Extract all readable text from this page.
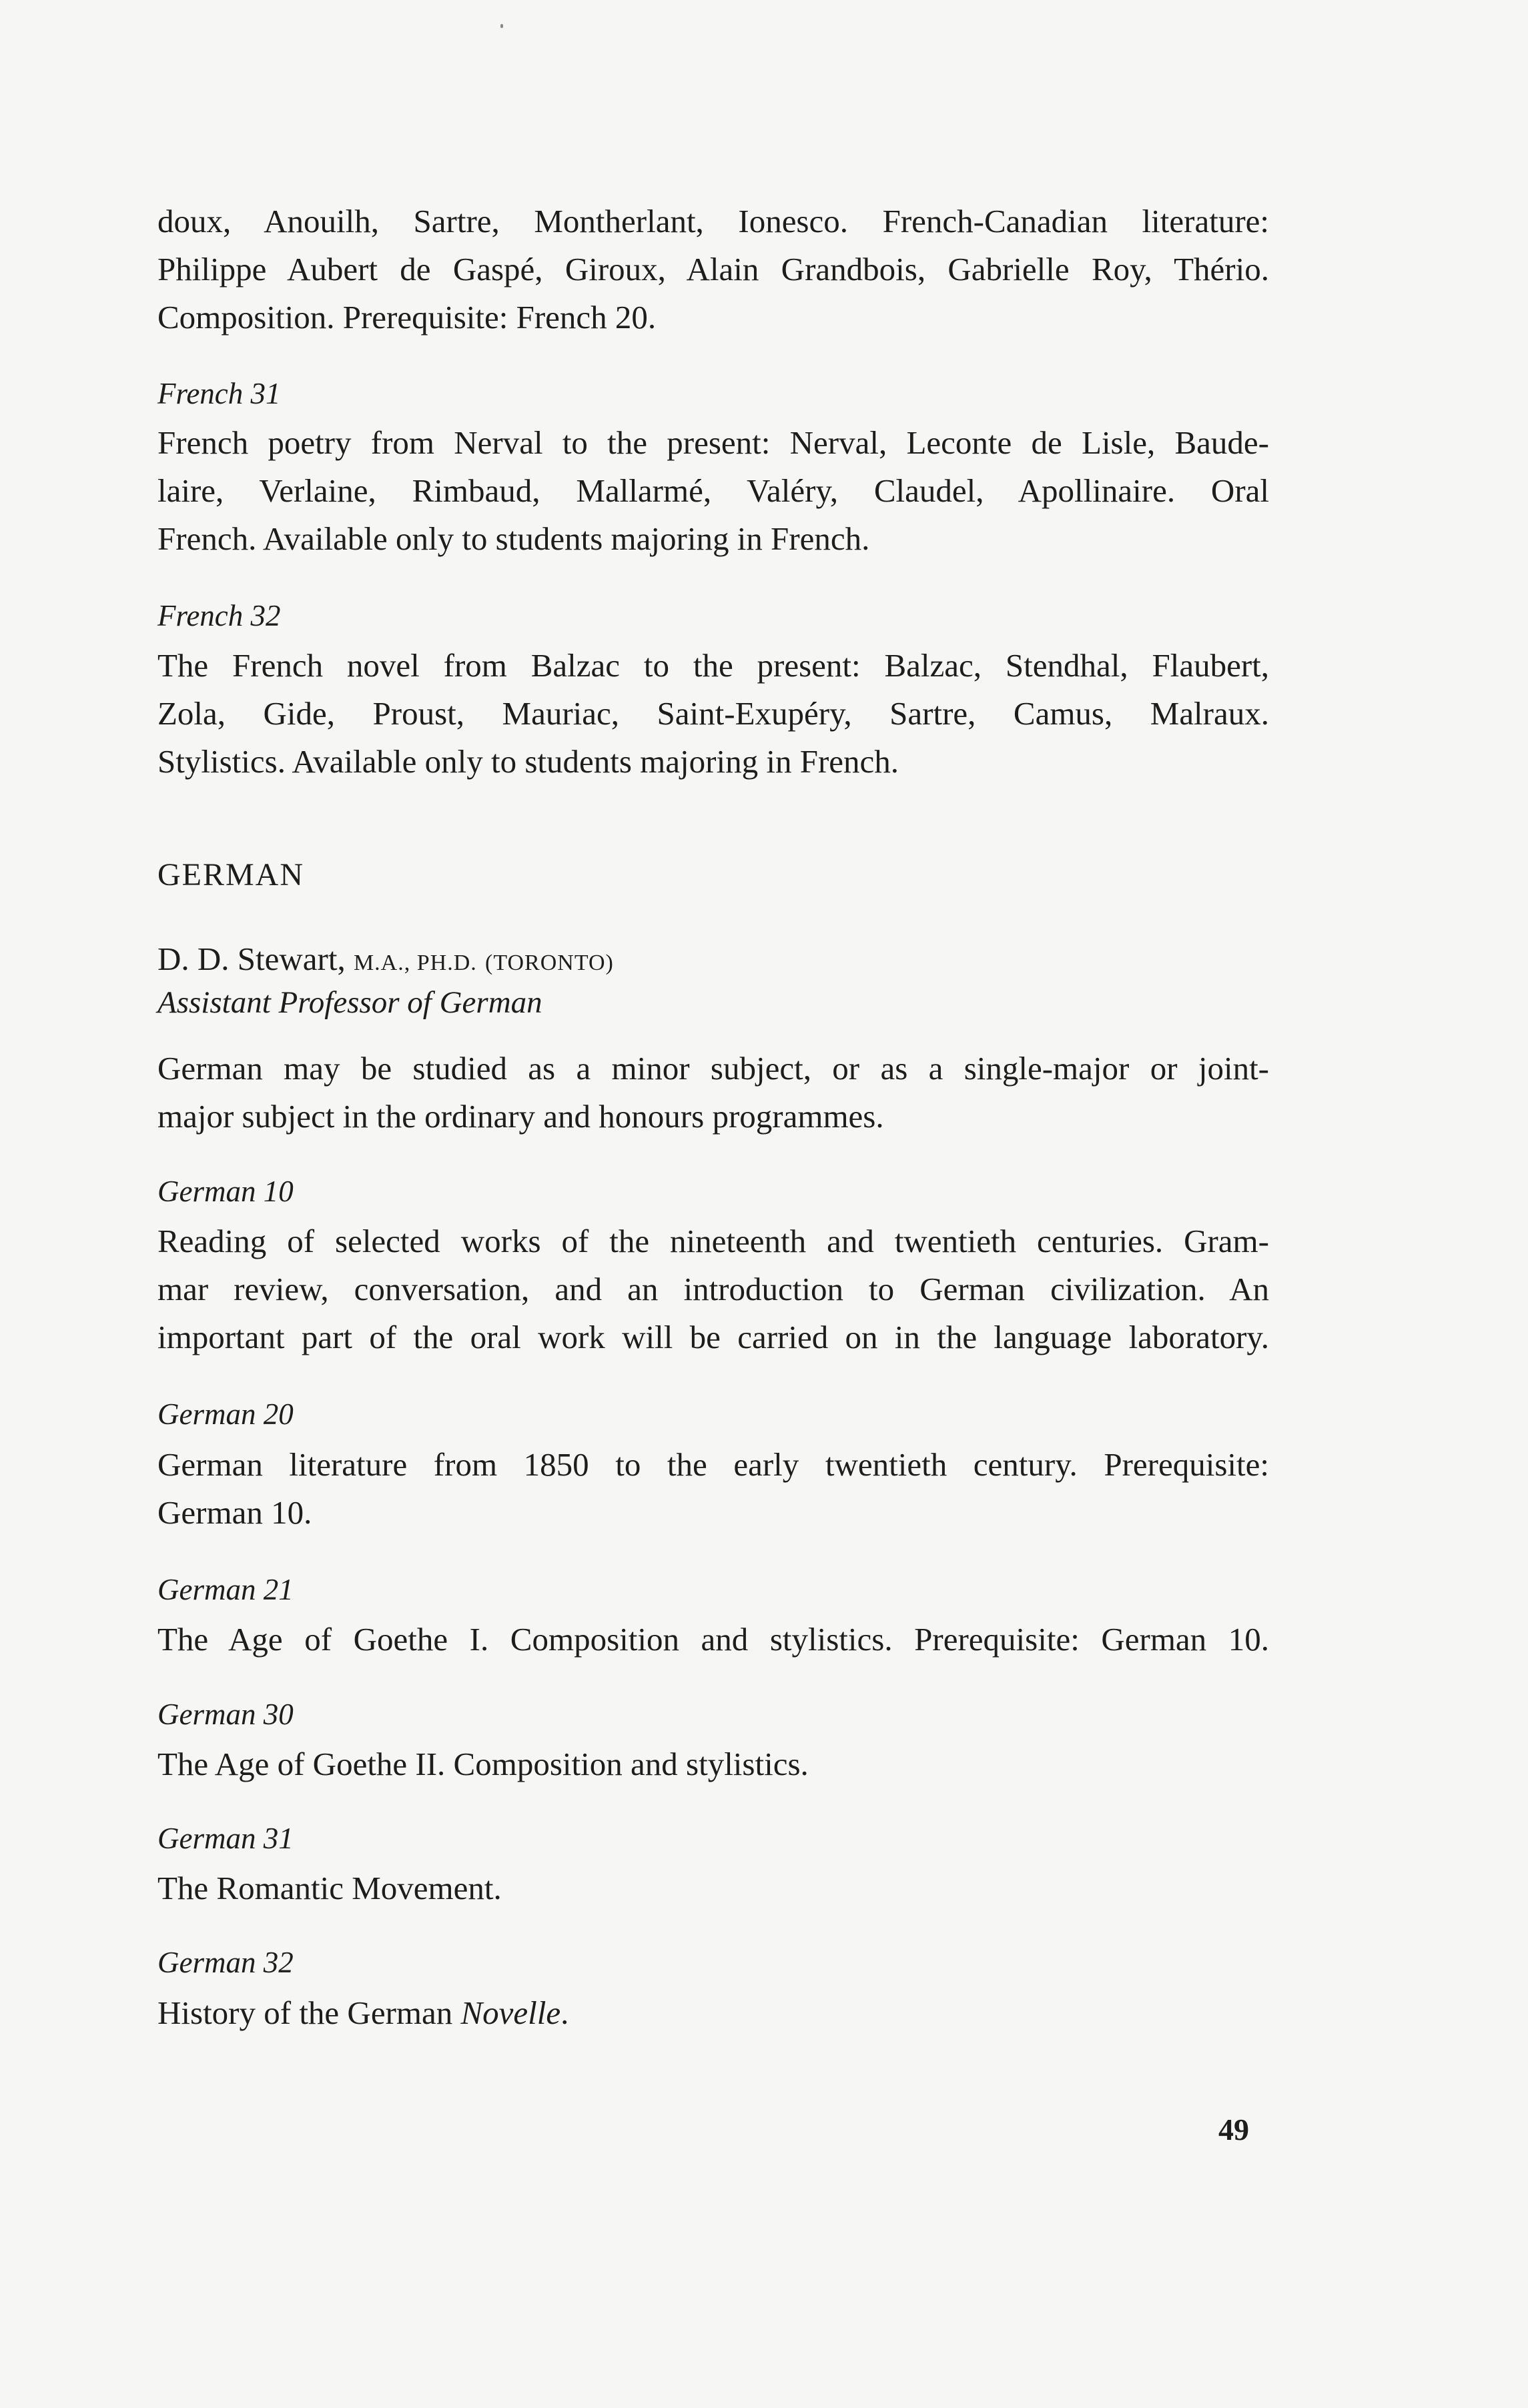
doux, Anouilh, Sartre, Montherlant, Ionesco. French-Canadian literature:
Philippe Aubert de Gaspé, Giroux, Alain Grandbois, Gabrielle Roy, Thério.
Composition. Prerequisite: French 20.
French 31
French poetry from Nerval to the present: Nerval, Leconte de Lisle, Baude-
laire, Verlaine, Rimbaud, Mallarmé, Valéry, Claudel, Apollinaire. Oral
French. Available only to students majoring in French.
French 32
The French novel from Balzac to the present: Balzac, Stendhal, Flaubert,
Zola, Gide, Proust, Mauriac, Saint-Exupéry, Sartre, Camus, Malraux.
Stylistics. Available only to students majoring in French.
GERMAN
D. D. Stewart, M.A., PH.D. (TORONTO)
Assistant Professor of German
German may be studied as a minor subject, or as a single-major or joint-
major subject in the ordinary and honours programmes.
German 10
Reading of selected works of the nineteenth and twentieth centuries. Gram-
mar review, conversation, and an introduction to German civilization. An
important part of the oral work will be carried on in the language laboratory.
German 20
German literature from 1850 to the early twentieth century. Prerequisite:
German 10.
German 21
The Age of Goethe I. Composition and stylistics. Prerequisite: German 10.
German 30
The Age of Goethe II. Composition and stylistics.
German 31
The Romantic Movement.
German 32
History of the German Novelle.
49
